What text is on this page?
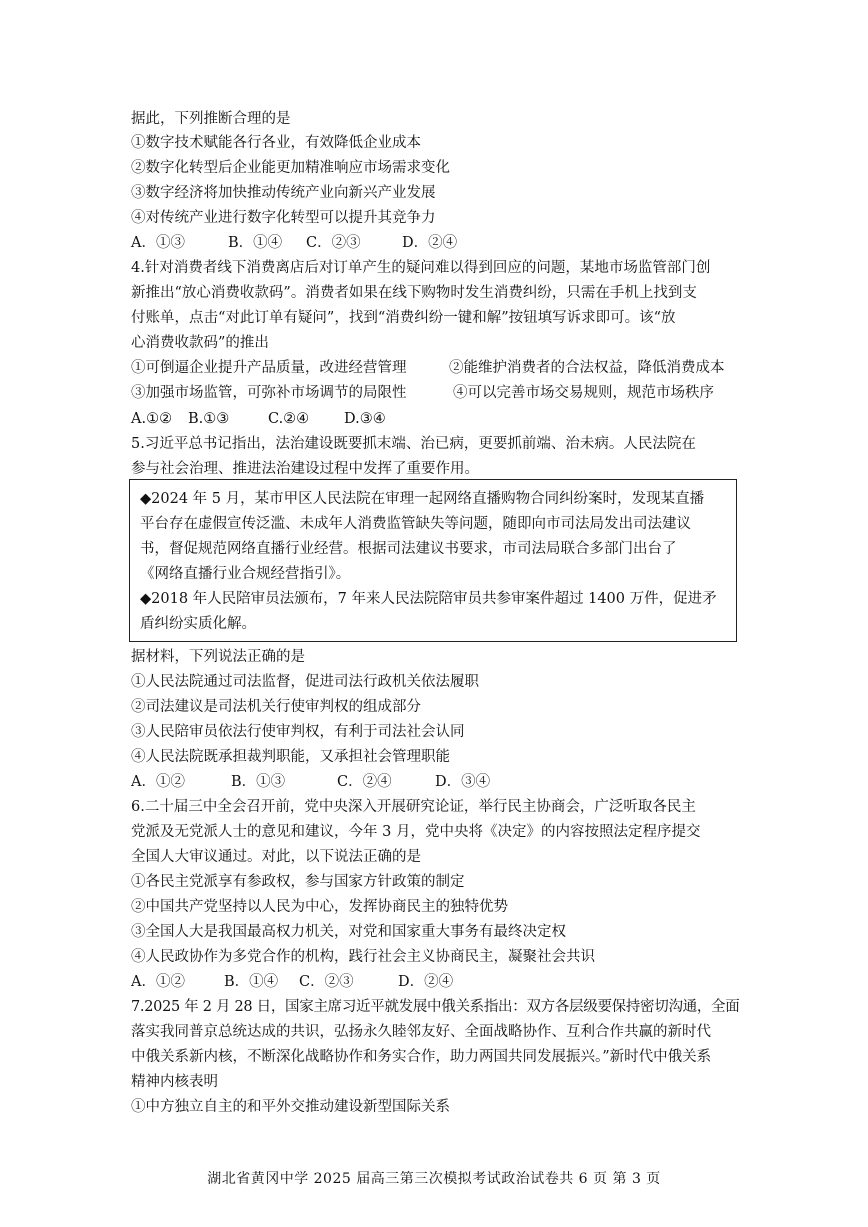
据此，下列推断合理的是
①数字技术赋能各行各业，有效降低企业成本
②数字化转型后企业能更加精准响应市场需求变化
③数字经济将加快推动传统产业向新兴产业发展
④对传统产业进行数字化转型可以提升其竞争力
A．①③	B．①④ C．②③	D．②④
4.针对消费者线下消费离店后对订单产生的疑问难以得到回应的问题，某地市场监管部门创
新推出“放心消费收款码”。消费者如果在线下购物时发生消费纠纷，只需在手机上找到支
付账单，点击“对此订单有疑问”，找到“消费纠纷一键和解”按钮填写诉求即可。该“放
心消费收款码”的推出
①可倒逼企业提升产品质量，改进经营管理	②能维护消费者的合法权益，降低消费成本
③加强市场监管，可弥补市场调节的局限性	④可以完善市场交易规则，规范市场秩序
A.①② B.①③	C.②④ D.③④
5.习近平总书记指出，法治建设既要抓末端、治已病，更要抓前端、治未病。人民法院在
参与社会治理、推进法治建设过程中发挥了重要作用。
◆2024 年 5 月，某市甲区人民法院在审理一起网络直播购物合同纠纷案时，发现某直播
平台存在虚假宣传泛滥、未成年人消费监管缺失等问题，随即向市司法局发出司法建议
书，督促规范网络直播行业经营。根据司法建议书要求，市司法局联合多部门出台了
《网络直播行业合规经营指引》。
◆2018 年人民陪审员法颁布，7 年来人民法院陪审员共参审案件超过 1400 万件，促进矛
盾纠纷实质化解。
据材料，下列说法正确的是
①人民法院通过司法监督，促进司法行政机关依法履职
②司法建议是司法机关行使审判权的组成部分
③人民陪审员依法行使审判权，有利于司法社会认同
④人民法院既承担裁判职能，又承担社会管理职能
A．①②	B．①③	C．②④	D．③④
6.二十届三中全会召开前，党中央深入开展研究论证，举行民主协商会，广泛听取各民主
党派及无党派人士的意见和建议，今年 3 月，党中央将《决定》的内容按照法定程序提交
全国人大审议通过。对此，以下说法正确的是
①各民主党派享有参政权，参与国家方针政策的制定
②中国共产党坚持以人民为中心，发挥协商民主的独特优势
③全国人大是我国最高权力机关，对党和国家重大事务有最终决定权
④人民政协作为多党合作的机构，践行社会主义协商民主，凝聚社会共识
A．①②	B．①④ C．②③	D．②④
7.2025 年 2 月 28 日，国家主席习近平就发展中俄关系指出：双方各层级要保持密切沟通，全面
落实我同普京总统达成的共识，弘扬永久睦邻友好、全面战略协作、互利合作共赢的新时代
中俄关系新内核，不断深化战略协作和务实合作，助力两国共同发展振兴。”新时代中俄关系
精神内核表明
①中方独立自主的和平外交推动建设新型国际关系
湖北省黄冈中学 2025 届高三第三次模拟考试政治试卷共 6 页 第 3 页
